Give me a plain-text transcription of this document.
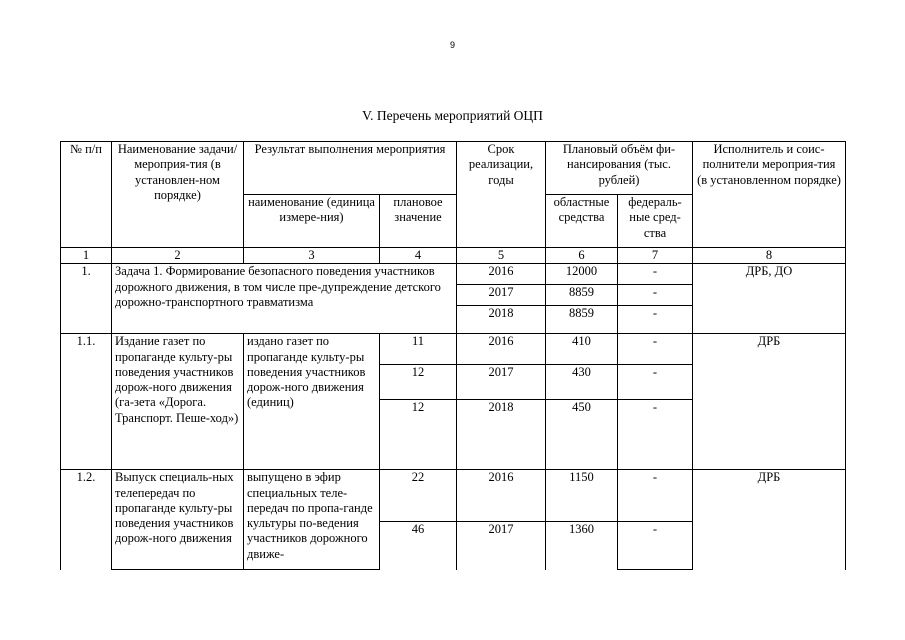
9
V. Перечень мероприятий ОЦП
№ п/п	Наименование задачи/ мероприя-тия (в установлен-ном порядке)	Результат выполнения мероприятия		Срок реализации, годы	Плановый объём фи-нансирования (тыс. рублей)		Исполнитель и соис-полнители мероприя-тия (в установленном порядке)
		наименование (единица измере-ния)	плановое значение		областные средства	федераль-ные сред-ства	
1	2	3	4	5	6	7	8
1.	Задача 1. Формирование безопасного поведения участников дорожного движения, в том числе пре-дупреждение детского дорожно-транспортного травматизма			2016	12000	-	ДРБ, ДО
				2017	8859	-	
				2018	8859	-	
1.1.	Издание газет по пропаганде культу-ры поведения участников дорож-ного движения (га-зета «Дорога. Транспорт. Пеше-ход»)	издано газет по пропаганде культу-ры поведения участников дорож-ного движения (единиц)	11	2016	410	-	ДРБ
			12	2017	430	-	
			12	2018	450	-	
1.2.	Выпуск специаль-ных телепередач по пропаганде культу-ры поведения участников дорож-ного движения	выпущено в эфир специальных теле-передач по пропа-ганде культуры по-ведения участников дорожного движе-	22	2016	1150	-	ДРБ
			46	2017	1360	-	
